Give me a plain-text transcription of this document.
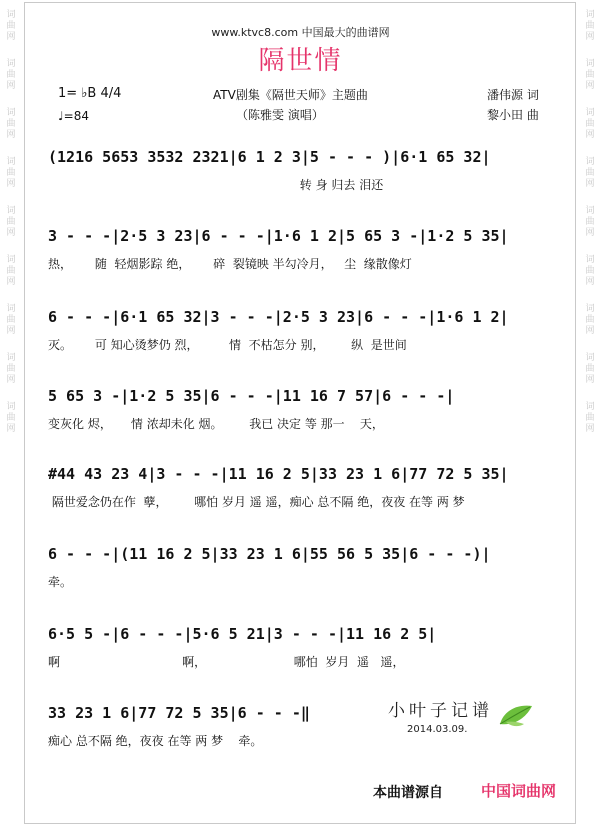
词
曲
网
词
曲
网
词
曲
网
词
曲
网
词
曲
网
词
曲
网
词
曲
网
词
曲
网
词
曲
网
词
曲
网
词
曲
网
词
曲
网
词
曲
网
词
曲
网
词
曲
网
词
曲
网
词
曲
网
词
曲
网
www.ktvc8.com 中国最大的曲谱网
隔世情
1= ♭B 4/4
♩=84
ATV剧集《隔世天师》主题曲
（陈雅雯 演唱）
潘伟源 词
黎小田 曲
(1216 5653 3532 2321|6 1 2 3|5 - - - )|6·1 65 32|
转 身 归去 泪还
3 - - -|2·5 3 23|6 - - -|1·6 1 2|5 65 3 -|1·2 5 35|
热，      随  轻烟影踪 绝，      碎  裂镜映 半勾冷月，   尘  缘散像灯
6 - - -|6·1 65 32|3 - - -|2·5 3 23|6 - - -|1·6 1 2|
灭。      可 知心烫梦仍 烈，        情  不枯怎分 别，       纵  是世间
5 65 3 -|1·2 5 35|6 - - -|11 16 7 57|6 - - -|
变灰化 烬，     情 浓却未化 烟。       我已 决定 等 那一    天，
#44 43 23 4|3 - - -|11 16 2 5|33 23 1 6|77 72 5 35|
隔世爱念仍在作  孽，       哪怕 岁月 遥 遥，痴心 总不隔 绝，夜夜 在等 两 梦
6 - - -|(11 16 2 5|33 23 1 6|55 56 5 35|6 - - -)|
牵。
6·5 5 -|6 - - -|5·6 5 21|3 - - -|11 16 2 5|
啊                                啊，                       哪怕  岁月  遥   遥，
33 23 1 6|77 72 5 35|6 - - -‖
痴心 总不隔 绝，夜夜 在等 两 梦    牵。
小叶子记谱
2014.03.09.
本曲谱源自	中国词曲网
